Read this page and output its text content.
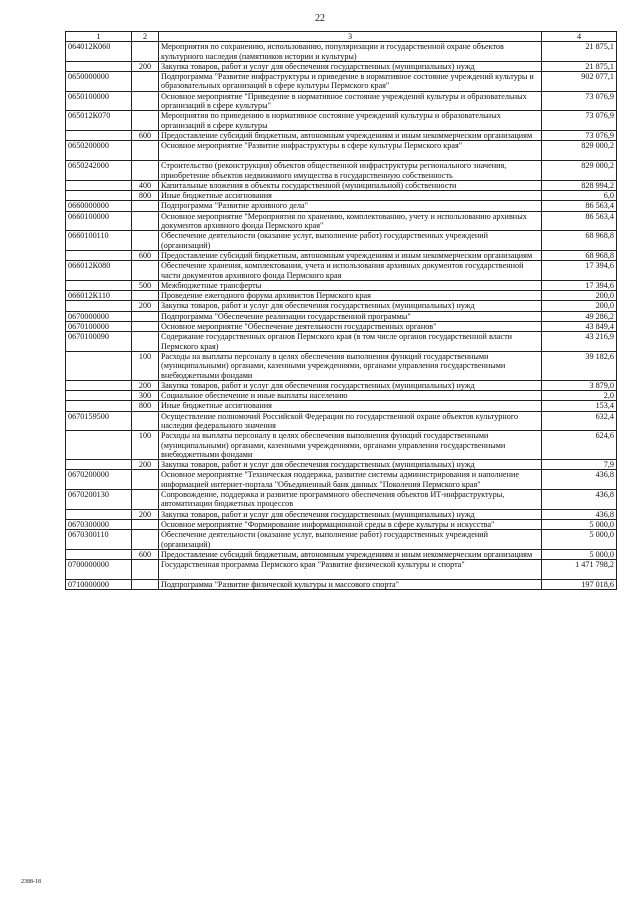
22
1	2	3	4
064012К060		Мероприятия по сохранению, использованию, популяризации и государственной охране объектов культурного наследия (памятников истории и культуры)	21 875,1
	200	Закупка товаров, работ и услуг для обеспечения государственных (муниципальных) нужд	21 875,1
0650000000		Подпрограмма "Развитие инфраструктуры и приведение в нормативное состояние учреждений культуры и образовательных организаций в сфере культуры Пермского края"	902 077,1
0650100000		Основное мероприятие "Приведение в нормативное состояние учреждений культуры и образовательных организаций в сфере культуры"	73 076,9
065012К070		Мероприятия по приведению в нормативное состояние учреждений культуры и образовательных организаций в сфере культуры	73 076,9
	600	Предоставление субсидий бюджетным, автономным учреждениям и иным некоммерческим организациям	73 076,9
0650200000		Основное мероприятие "Развитие инфраструктуры в сфере культуры Пермского края"	829 000,2
0650242000		Строительство (реконструкция) объектов общественной инфраструктуры регионального значения, приобретение объектов недвижимого имущества в государственную собственность	829 000,2
	400	Капитальные вложения в объекты государственной (муниципальной) собственности	828 994,2
	800	Иные бюджетные ассигнования	6,0
0660000000		Подпрограмма "Развитие архивного дела"	86 563,4
0660100000		Основное мероприятие "Мероприятия по хранению, комплектованию, учету и использованию архивных документов архивного фонда Пермского края"	86 563,4
0660100110		Обеспечение деятельности (оказание услуг, выполнение работ) государственных учреждений (организаций)	68 968,8
	600	Предоставление субсидий бюджетным, автономным учреждениям и иным некоммерческим организациям	68 968,8
066012К080		Обеспечение хранения, комплектования, учета и использования архивных документов государственной части документов архивного фонда Пермского края	17 394,6
	500	Межбюджетные трансферты	17 394,6
066012К110		Проведение ежегодного форума архивистов Пермского края	200,0
	200	Закупка товаров, работ и услуг для обеспечения государственных (муниципальных) нужд	200,0
0670000000		Подпрограмма "Обеспечение реализации государственной программы"	49 286,2
0670100000		Основное мероприятие "Обеспечение деятельности государственных органов"	43 849,4
0670100090		Содержание государственных органов Пермского края (в том числе органов государственной власти Пермского края)	43 216,9
	100	Расходы на выплаты персоналу в целях обеспечения выполнения функций государственными (муниципальными) органами, казенными учреждениями, органами управления государственными внебюджетными фондами	39 182,6
	200	Закупка товаров, работ и услуг для обеспечения государственных (муниципальных) нужд	3 879,0
	300	Социальное обеспечение и иные выплаты населению	2,0
	800	Иные бюджетные ассигнования	153,4
0670159500		Осуществление полномочий Российской Федерации по государственной охране объектов культурного наследия федерального значения	632,4
	100	Расходы на выплаты персоналу в целях обеспечения выполнения функций государственными (муниципальными) органами, казенными учреждениями, органами управления государственными внебюджетными фондами	624,6
	200	Закупка товаров, работ и услуг для обеспечения государственных (муниципальных) нужд	7,9
0670200000		Основное мероприятие "Техническая поддержка, развитие системы администрирования и наполнение информацией интернет-портала "Объединенный банк данных "Поколения Пермского края"	436,8
0670200130		Сопровождение, поддержка и развитие программного обеспечения объектов ИТ-инфраструктуры, автоматизации бюджетных процессов	436,8
	200	Закупка товаров, работ и услуг для обеспечения государственных (муниципальных) нужд	436,8
0670300000		Основное мероприятие "Формирование информационной среды в сфере культуры и искусства"	5 000,0
0670300110		Обеспечение деятельности (оказание услуг, выполнение работ) государственных учреждений (организаций)	5 000,0
	600	Предоставление субсидий бюджетным, автономным учреждениям и иным некоммерческим организациям	5 000,0
0700000000		Государственная программа Пермского края "Развитие физической культуры и спорта"	1 471 798,2
0710000000		Подпрограмма "Развитие физической культуры и массового спорта"	197 018,6
2388-18
